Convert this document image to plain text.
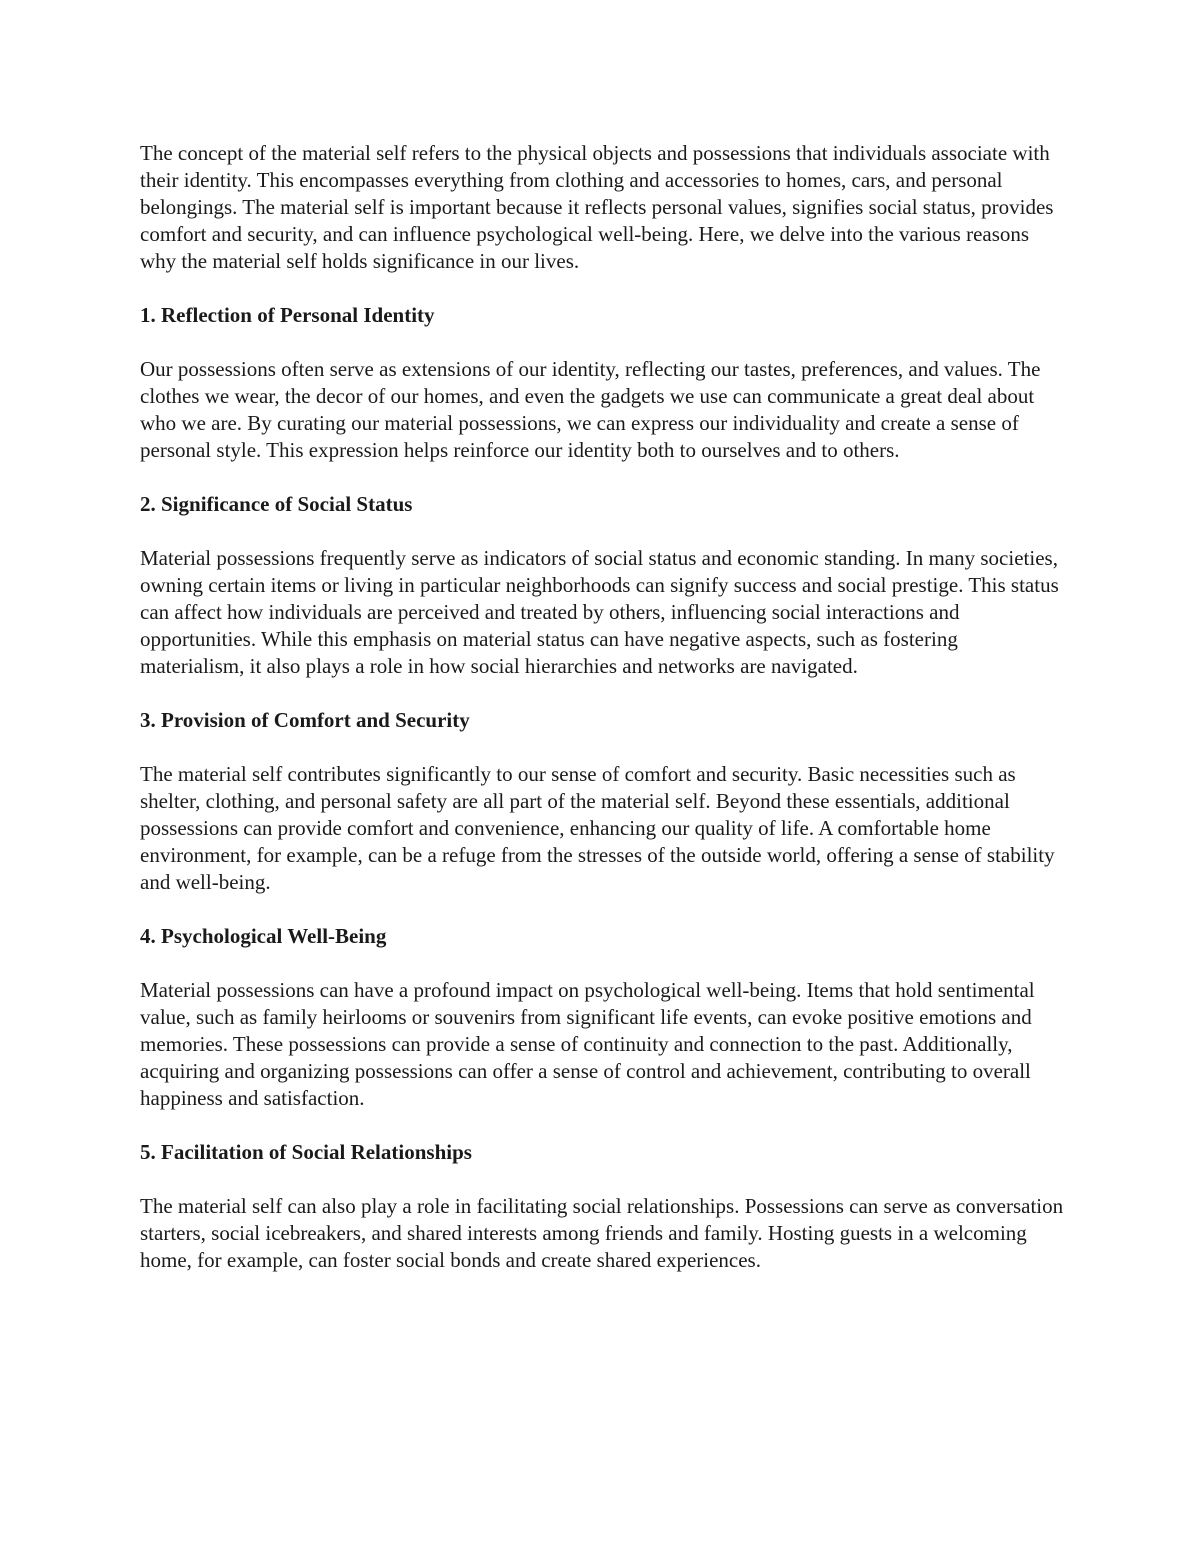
The concept of the material self refers to the physical objects and possessions that individuals associate with their identity. This encompasses everything from clothing and accessories to homes, cars, and personal belongings. The material self is important because it reflects personal values, signifies social status, provides comfort and security, and can influence psychological well-being. Here, we delve into the various reasons why the material self holds significance in our lives.

1. Reflection of Personal Identity

Our possessions often serve as extensions of our identity, reflecting our tastes, preferences, and values. The clothes we wear, the decor of our homes, and even the gadgets we use can communicate a great deal about who we are. By curating our material possessions, we can express our individuality and create a sense of personal style. This expression helps reinforce our identity both to ourselves and to others.

2. Significance of Social Status

Material possessions frequently serve as indicators of social status and economic standing. In many societies, owning certain items or living in particular neighborhoods can signify success and social prestige. This status can affect how individuals are perceived and treated by others, influencing social interactions and opportunities. While this emphasis on material status can have negative aspects, such as fostering materialism, it also plays a role in how social hierarchies and networks are navigated.

3. Provision of Comfort and Security

The material self contributes significantly to our sense of comfort and security. Basic necessities such as shelter, clothing, and personal safety are all part of the material self. Beyond these essentials, additional possessions can provide comfort and convenience, enhancing our quality of life. A comfortable home environment, for example, can be a refuge from the stresses of the outside world, offering a sense of stability and well-being.

4. Psychological Well-Being

Material possessions can have a profound impact on psychological well-being. Items that hold sentimental value, such as family heirlooms or souvenirs from significant life events, can evoke positive emotions and memories. These possessions can provide a sense of continuity and connection to the past. Additionally, acquiring and organizing possessions can offer a sense of control and achievement, contributing to overall happiness and satisfaction.

5. Facilitation of Social Relationships

The material self can also play a role in facilitating social relationships. Possessions can serve as conversation starters, social icebreakers, and shared interests among friends and family. Hosting guests in a welcoming home, for example, can foster social bonds and create shared experiences.
